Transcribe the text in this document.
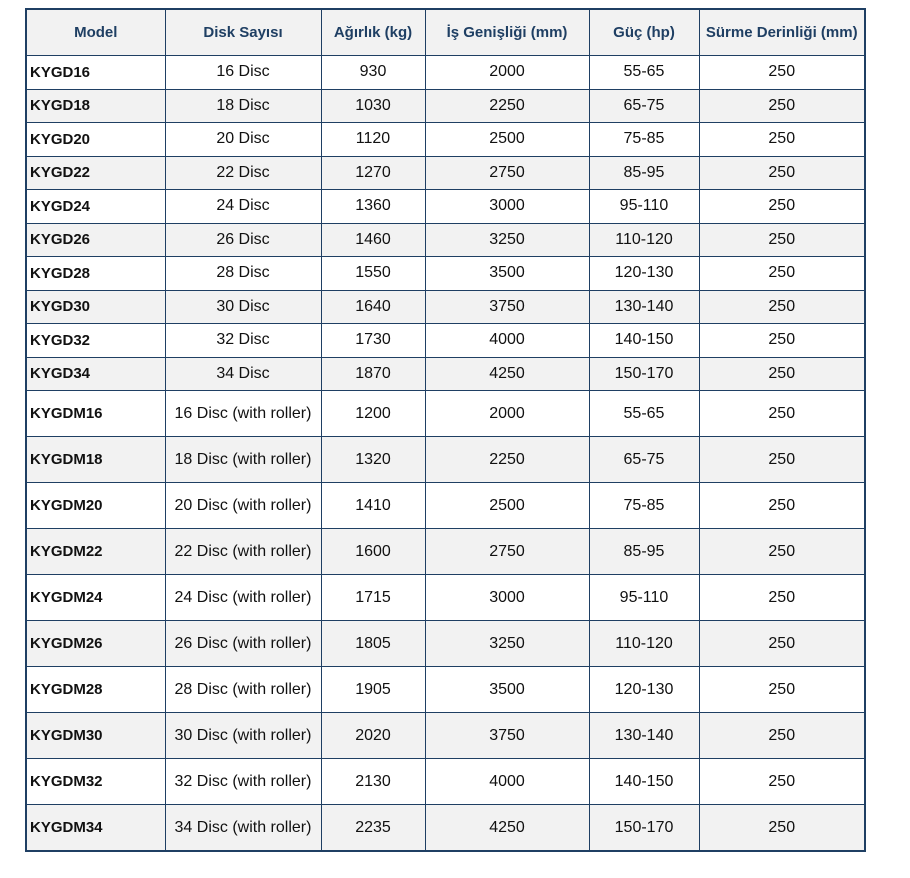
Model	Disk Sayısı	Ağırlık (kg)	İş Genişliği (mm)	Güç (hp)	Sürme Derinliği (mm)
KYGD16	16 Disc	930	2000	55-65	250
KYGD18	18 Disc	1030	2250	65-75	250
KYGD20	20 Disc	1120	2500	75-85	250
KYGD22	22 Disc	1270	2750	85-95	250
KYGD24	24 Disc	1360	3000	95-110	250
KYGD26	26 Disc	1460	3250	110-120	250
KYGD28	28 Disc	1550	3500	120-130	250
KYGD30	30 Disc	1640	3750	130-140	250
KYGD32	32 Disc	1730	4000	140-150	250
KYGD34	34 Disc	1870	4250	150-170	250
KYGDM16	16 Disc (with roller)	1200	2000	55-65	250
KYGDM18	18 Disc (with roller)	1320	2250	65-75	250
KYGDM20	20 Disc (with roller)	1410	2500	75-85	250
KYGDM22	22 Disc (with roller)	1600	2750	85-95	250
KYGDM24	24 Disc (with roller)	1715	3000	95-110	250
KYGDM26	26 Disc (with roller)	1805	3250	110-120	250
KYGDM28	28 Disc (with roller)	1905	3500	120-130	250
KYGDM30	30 Disc (with roller)	2020	3750	130-140	250
KYGDM32	32 Disc (with roller)	2130	4000	140-150	250
KYGDM34	34 Disc (with roller)	2235	4250	150-170	250
